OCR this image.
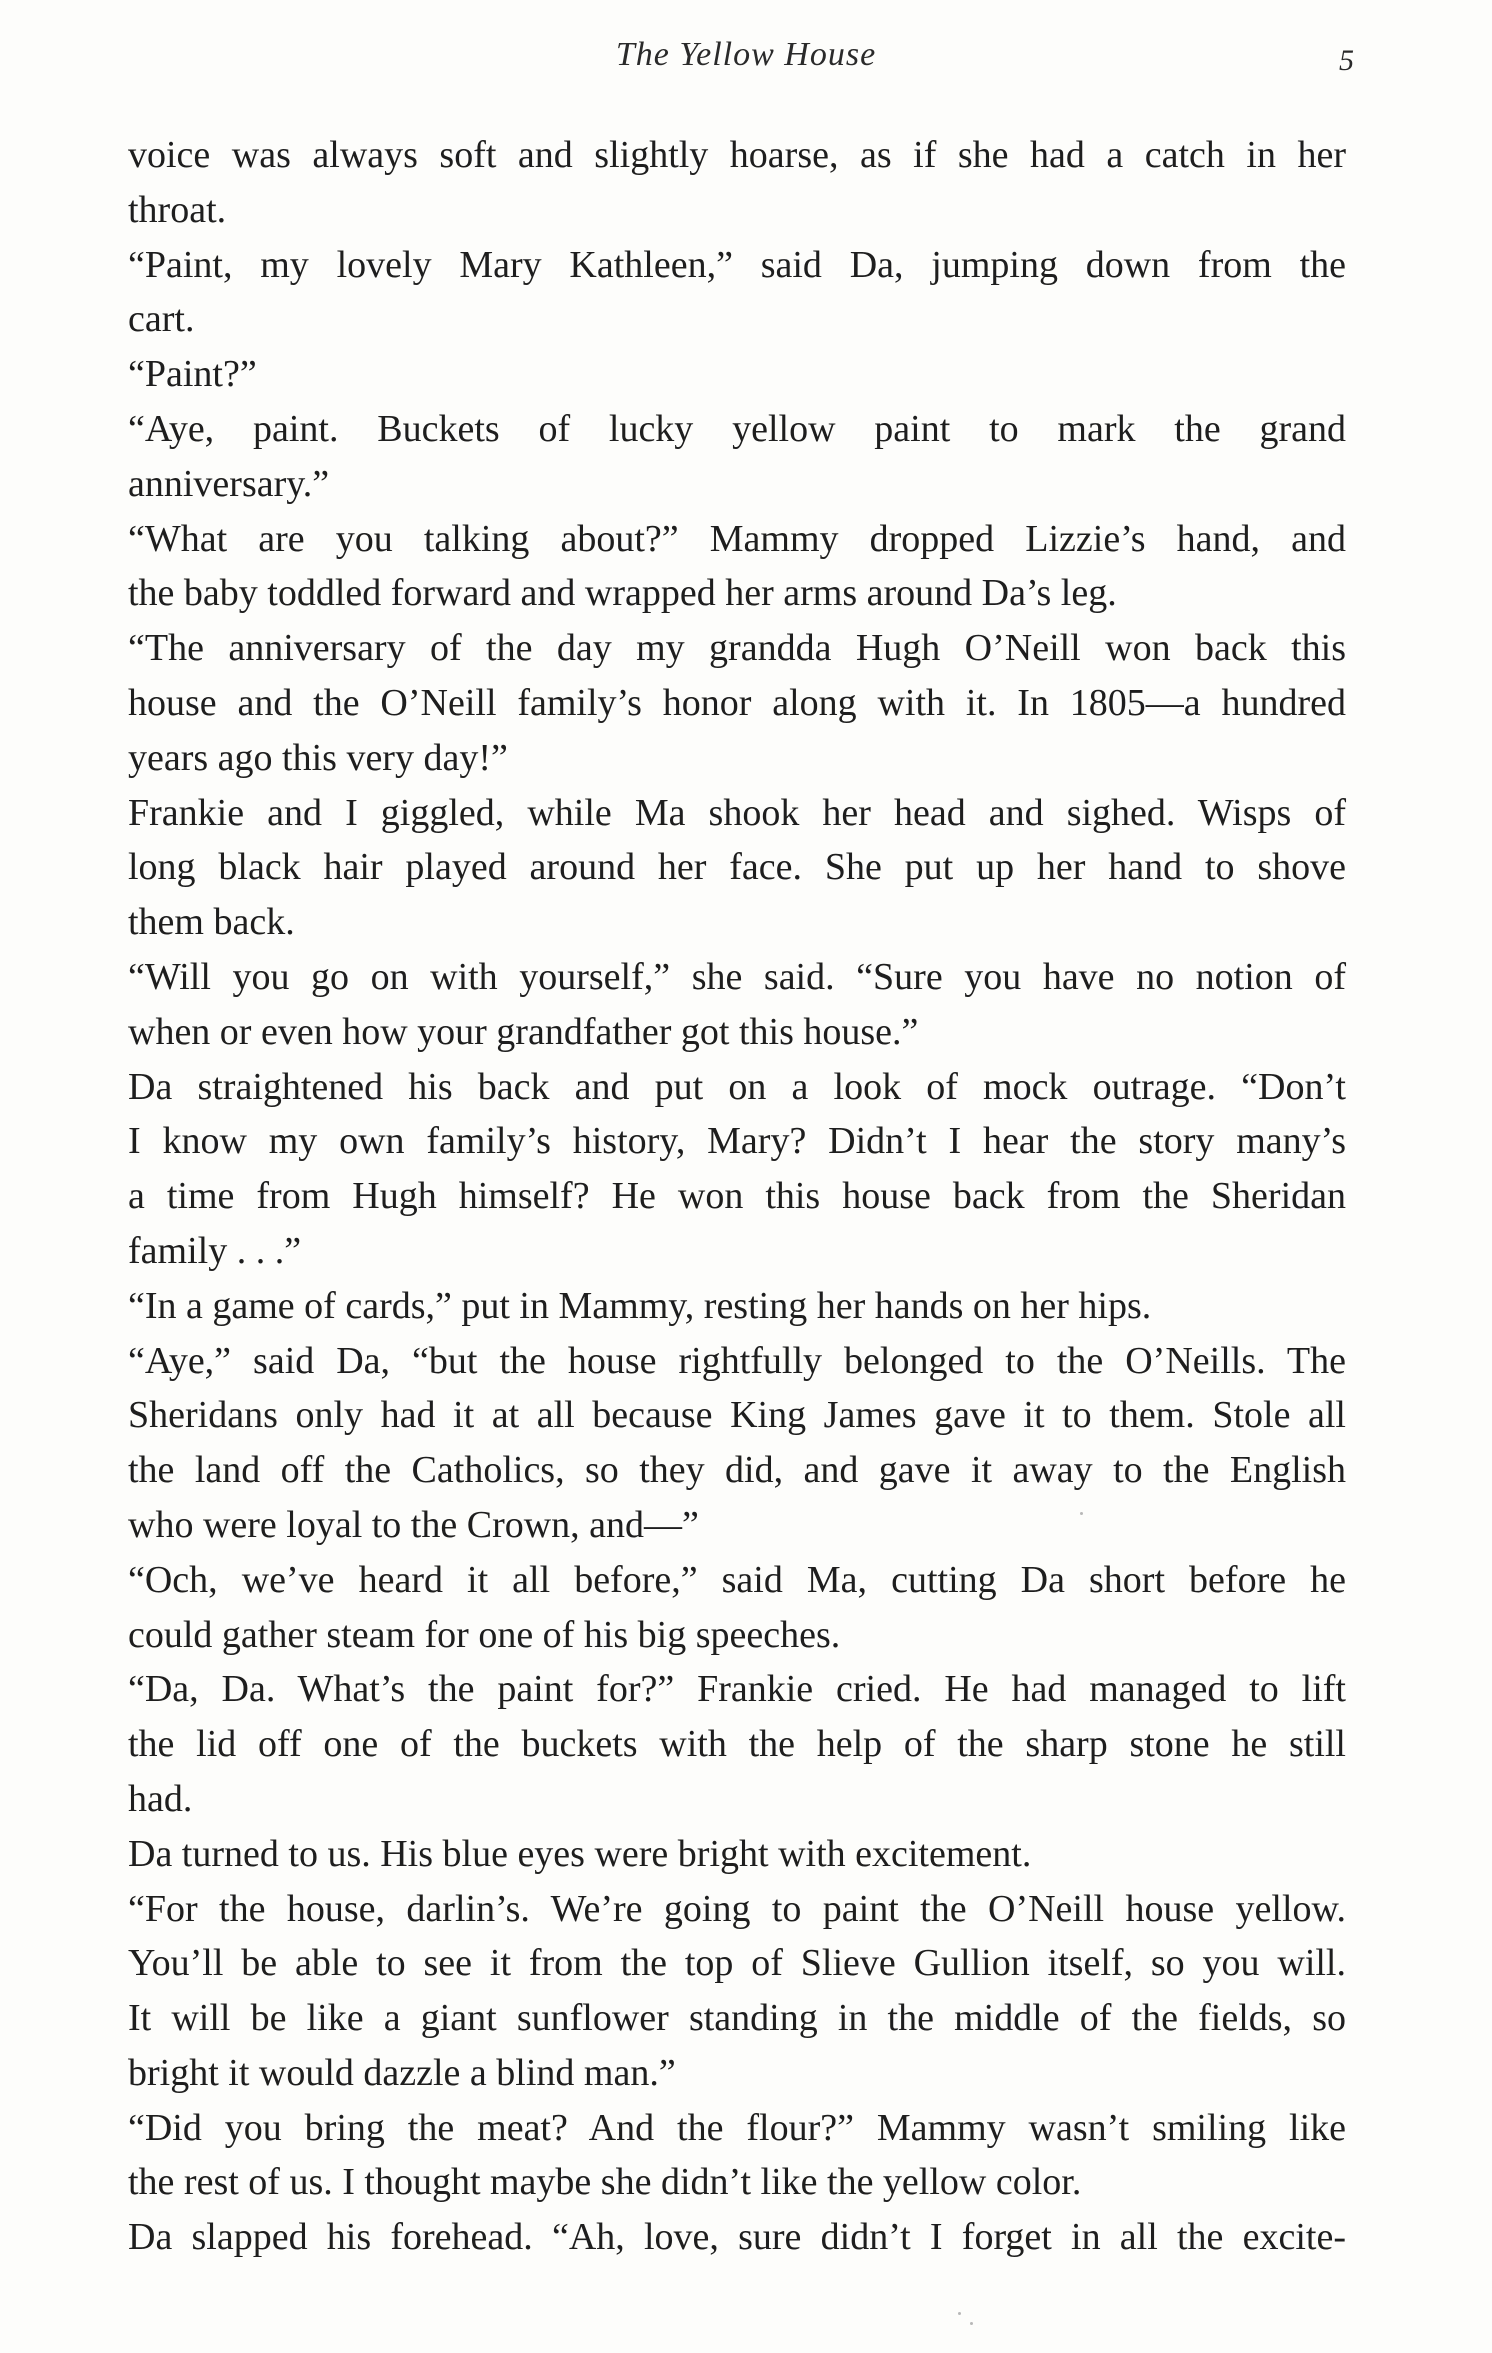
The Yellow House	5
voice was always soft and slightly hoarse, as if she had a catch in her
throat.
“Paint, my lovely Mary Kathleen,” said Da, jumping down from the
cart.
“Paint?”
“Aye, paint. Buckets of lucky yellow paint to mark the grand
anniversary.”
“What are you talking about?” Mammy dropped Lizzie’s hand, and
the baby toddled forward and wrapped her arms around Da’s leg.
“The anniversary of the day my grandda Hugh O’Neill won back this
house and the O’Neill family’s honor along with it. In 1805—a hundred
years ago this very day!”
Frankie and I giggled, while Ma shook her head and sighed. Wisps of
long black hair played around her face. She put up her hand to shove
them back.
“Will you go on with yourself,” she said. “Sure you have no notion of
when or even how your grandfather got this house.”
Da straightened his back and put on a look of mock outrage. “Don’t
I know my own family’s history, Mary? Didn’t I hear the story many’s
a time from Hugh himself? He won this house back from the Sheridan
family . . .”
“In a game of cards,” put in Mammy, resting her hands on her hips.
“Aye,” said Da, “but the house rightfully belonged to the O’Neills. The
Sheridans only had it at all because King James gave it to them. Stole all
the land off the Catholics, so they did, and gave it away to the English
who were loyal to the Crown, and—”
“Och, we’ve heard it all before,” said Ma, cutting Da short before he
could gather steam for one of his big speeches.
“Da, Da. What’s the paint for?” Frankie cried. He had managed to lift
the lid off one of the buckets with the help of the sharp stone he still
had.
Da turned to us. His blue eyes were bright with excitement.
“For the house, darlin’s. We’re going to paint the O’Neill house yellow.
You’ll be able to see it from the top of Slieve Gullion itself, so you will.
It will be like a giant sunflower standing in the middle of the fields, so
bright it would dazzle a blind man.”
“Did you bring the meat? And the flour?” Mammy wasn’t smiling like
the rest of us. I thought maybe she didn’t like the yellow color.
Da slapped his forehead. “Ah, love, sure didn’t I forget in all the excite-
